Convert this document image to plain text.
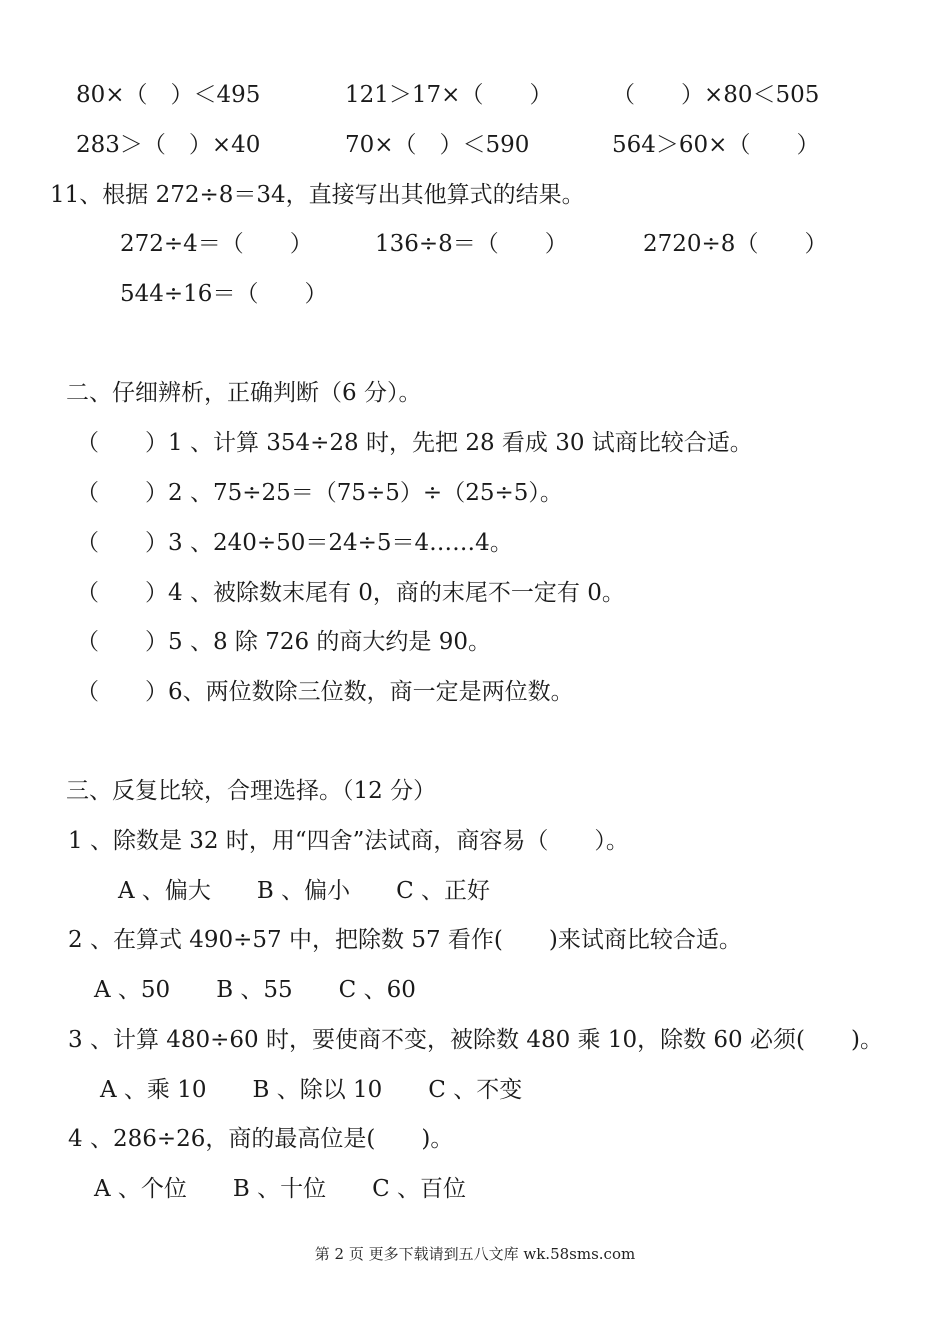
80×（　）＜495	121＞17×（　　）	（　　）×80＜505
283＞（　）×40	70×（　）＜590	564＞60×（　　）
11、根据 272÷8＝34，直接写出其他算式的结果。
272÷4＝（　　）	136÷8＝（　　）	2720÷8（　　）
544÷16＝（　　）
二、仔细辨析，正确判断（6 分）。
（　　）1 、计算 354÷28 时，先把 28 看成 30 试商比较合适。
（　　）2 、75÷25＝（75÷5）÷（25÷5）。
（　　）3 、240÷50＝24÷5＝4……4。
（　　）4 、被除数末尾有 0，商的末尾不一定有 0。
（　　）5 、8 除 726 的商大约是 90。
（　　）6、两位数除三位数，商一定是两位数。
三、反复比较，合理选择。（12 分）
1 、除数是 32 时，用“四舍”法试商，商容易（　　）。
A 、偏大　　B 、偏小　　C 、正好
2 、在算式 490÷57 中，把除数 57 看作(　　)来试商比较合适。
A 、50　　B 、55　　C 、60
3 、计算 480÷60 时，要使商不变，被除数 480 乘 10，除数 60 必须(　　)。
A 、乘 10　　B 、除以 10　　C 、不变
4 、286÷26，商的最高位是(　　)。
A 、个位　　B 、十位　　C 、百位
第 2 页 更多下载请到五八文库 wk.58sms.com
